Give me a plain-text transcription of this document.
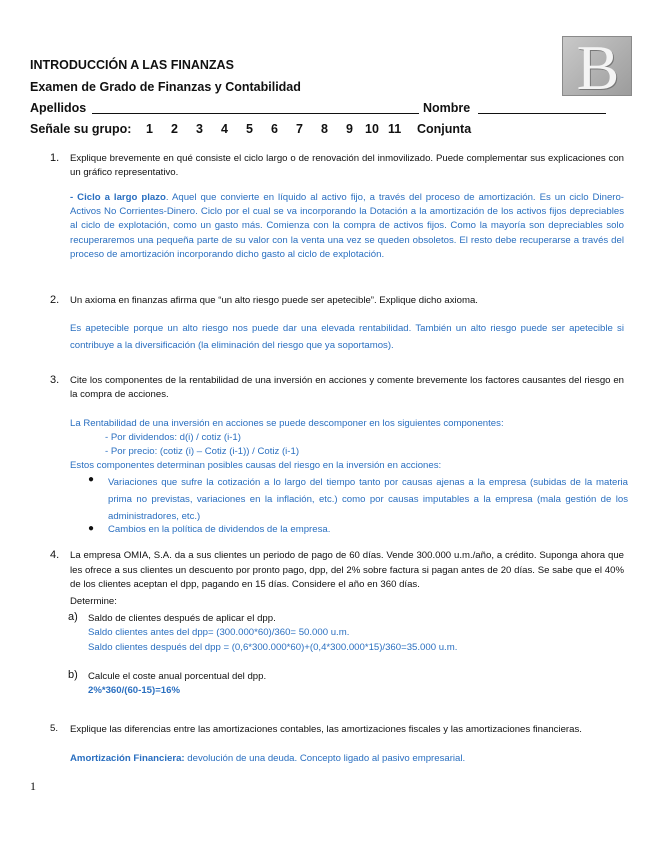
INTRODUCCIÓN A LAS FINANZAS
Examen de Grado de Finanzas y Contabilidad
Apellidos	Nombre
Señale su grupo: 1	2	3	4	5	6	7	8	9 10 11	Conjunta
B
1. Explique brevemente en qué consiste el ciclo largo o de renovación del inmovilizado. Puede complementar sus explicaciones con un gráfico representativo.
- Ciclo a largo plazo. Aquel que convierte en líquido al activo fijo, a través del proceso de amortización. Es un ciclo Dinero-Activos No Corrientes-Dinero. Ciclo por el cual se va incorporando la Dotación a la amortización de los activos fijos depreciables al ciclo de explotación, como un gasto más. Comienza con la compra de activos fijos. Como la mayoría son depreciables solo recuperaremos una pequeña parte de su valor con la venta una vez se queden obsoletos. El resto debe recuperarse a través del proceso de amortización incorporando dicho gasto al ciclo de explotación.
2. Un axioma en finanzas afirma que “un alto riesgo puede ser apetecible”. Explique dicho axioma.
Es apetecible porque un alto riesgo nos puede dar una elevada rentabilidad. También un alto riesgo puede ser apetecible si contribuye a la diversificación (la eliminación del riesgo que ya soportamos).
3. Cite los componentes de la rentabilidad de una inversión en acciones y comente brevemente los factores causantes del riesgo en la compra de acciones.
La Rentabilidad de una inversión en acciones se puede descomponer en los siguientes componentes:
- Por dividendos: d(i) / cotiz (i-1)
- Por precio: (cotiz (i) – Cotiz (i-1)) / Cotiz (i-1)
Estos componentes determinan posibles causas del riesgo en la inversión en acciones:
● Variaciones que sufre la cotización a lo largo del tiempo tanto por causas ajenas a la empresa (subidas de la materia prima no previstas, variaciones en la inflación, etc.) como por causas imputables a la empresa (mala gestión de los administradores, etc.)
● Cambios en la política de dividendos de la empresa.
4. La empresa OMIA, S.A. da a sus clientes un periodo de pago de 60 días. Vende 300.000 u.m./año, a crédito. Suponga ahora que les ofrece a sus clientes un descuento por pronto pago, dpp, del 2% sobre factura si pagan antes de 20 días. Se sabe que el 40% de los clientes aceptan el dpp, pagando en 15 días. Considere el año en 360 días.
Determine:
a) Saldo de clientes después de aplicar el dpp.
Saldo clientes antes del dpp= (300.000*60)/360= 50.000 u.m.
Saldo clientes después del dpp = (0,6*300.000*60)+(0,4*300.000*15)/360=35.000 u.m.
b) Calcule el coste anual porcentual del dpp.
2%*360/(60-15)=16%
5. Explique las diferencias entre las amortizaciones contables, las amortizaciones fiscales y las amortizaciones financieras.
Amortización Financiera: devolución de una deuda. Concepto ligado al pasivo empresarial.
1
